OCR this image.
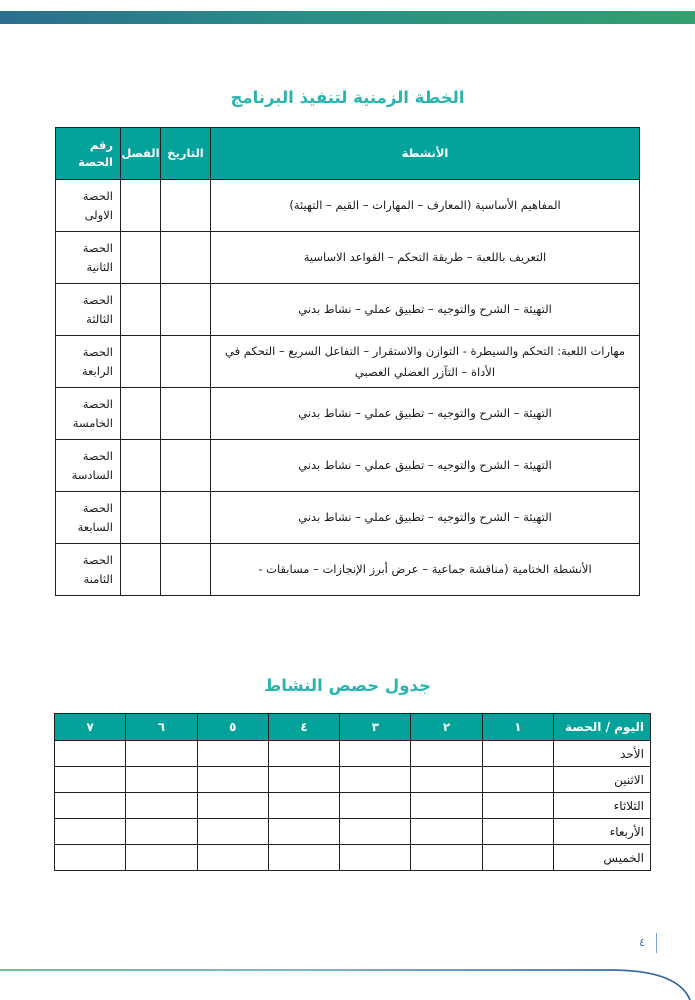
الخطة الزمنية لتنفيذ البرنامج
الأنشطة	التاريخ	الفصل	رقم الحصة
المفاهيم الأساسية (المعارف – المهارات – القيم – التهيئة)			الحصة الاولى
التعريف باللعبة – طريقة التحكم – القواعد الاساسية			الحصة الثانية
التهيئة – الشرح والتوجيه – تطبيق عملي – نشاط بدني			الحصة الثالثة
مهارات اللعبة: التحكم والسيطرة - التوازن والاستقرار – التفاعل السريع – التحكم في الأداة – التآزر العضلي العصبي			الحصة الرابعة
التهيئة – الشرح والتوجيه – تطبيق عملي – نشاط بدني			الحصة الخامسة
التهيئة – الشرح والتوجيه – تطبيق عملي – نشاط بدني			الحصة السادسة
التهيئة – الشرح والتوجيه – تطبيق عملي – نشاط بدني			الحصة السابعة
الأنشطة الختامية (مناقشة جماعية – عرض أبرز الإنجازات – مسابقات -			الحصة الثامنة
جدول حصص النشاط
اليوم / الحصة	١	٢	٣	٤	٥	٦	٧
الأحد							
الاثنين							
الثلاثاء							
الأربعاء							
الخميس							
٤
